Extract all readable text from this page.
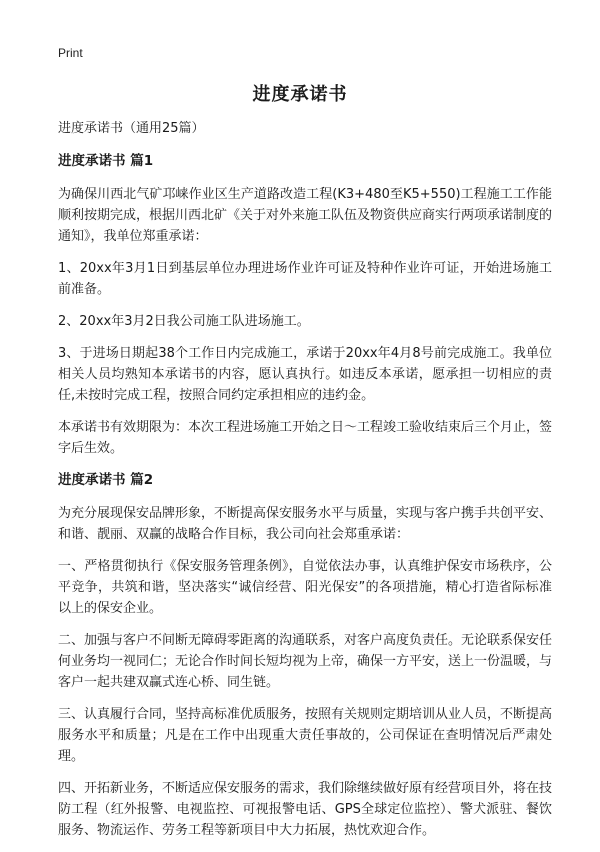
Print
进度承诺书

进度承诺书（通用25篇）

进度承诺书 篇1

为确保川西北气矿邛崃作业区生产道路改造工程(K3+480至K5+550)工程施工工作能顺利按期完成，根据川西北矿《关于对外来施工队伍及物资供应商实行两项承诺制度的通知》，我单位郑重承诺：

1、20xx年3月1日到基层单位办理进场作业许可证及特种作业许可证，开始进场施工前准备。

2、20xx年3月2日我公司施工队进场施工。

3、于进场日期起38个工作日内完成施工，承诺于20xx年4月8号前完成施工。我单位相关人员均熟知本承诺书的内容，愿认真执行。如违反本承诺，愿承担一切相应的责任,未按时完成工程，按照合同约定承担相应的违约金。

本承诺书有效期限为：本次工程进场施工开始之日～工程竣工验收结束后三个月止，签字后生效。

进度承诺书 篇2

为充分展现保安品牌形象，不断提高保安服务水平与质量，实现与客户携手共创平安、和谐、靓丽、双赢的战略合作目标，我公司向社会郑重承诺：

一、严格贯彻执行《保安服务管理条例》，自觉依法办事，认真维护保安市场秩序，公平竞争，共筑和谐，坚决落实“诚信经营、阳光保安”的各项措施，精心打造省际标准以上的保安企业。

二、加强与客户不间断无障碍零距离的沟通联系，对客户高度负责任。无论联系保安任何业务均一视同仁；无论合作时间长短均视为上帝，确保一方平安，送上一份温暖，与客户一起共建双赢式连心桥、同生链。

三、认真履行合同，坚持高标准优质服务，按照有关规则定期培训从业人员，不断提高服务水平和质量；凡是在工作中出现重大责任事故的，公司保证在查明情况后严肃处理。

四、开拓新业务，不断适应保安服务的需求，我们除继续做好原有经营项目外，将在技防工程（红外报警、电视监控、可视报警电话、GPS全球定位监控）、警犬派驻、餐饮服务、物流运作、劳务工程等新项目中大力拓展，热忱欢迎合作。
